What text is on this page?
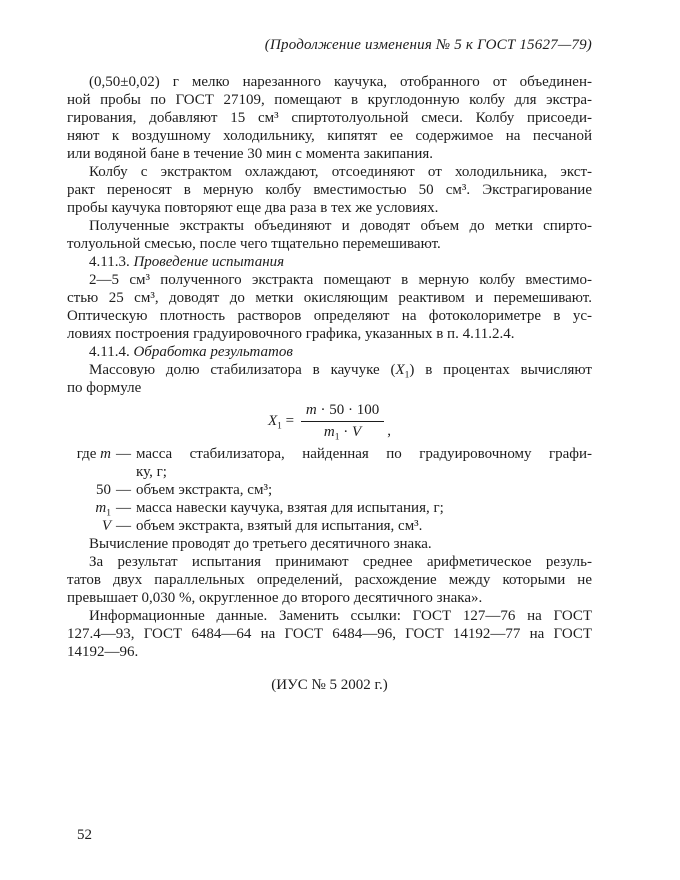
(Продолжение изменения № 5 к ГОСТ 15627—79)
(0,50±0,02) г мелко нарезанного каучука, отобранного от объединен-
ной пробы по ГОСТ 27109, помещают в круглодонную колбу для экстра-
гирования, добавляют 15 см³ спиртотолуольной смеси. Колбу присоеди-
няют к воздушному холодильнику, кипятят ее содержимое на песчаной
или водяной бане в течение 30 мин с момента закипания.
Колбу с экстрактом охлаждают, отсоединяют от холодильника, экст-
ракт переносят в мерную колбу вместимостью 50 см³. Экстрагирование
пробы каучука повторяют еще два раза в тех же условиях.
Полученные экстракты объединяют и доводят объем до метки спирто-
толуольной смесью, после чего тщательно перемешивают.
4.11.3. Проведение испытания
2—5 см³ полученного экстракта помещают в мерную колбу вместимо-
стью 25 см³, доводят до метки окисляющим реактивом и перемешивают.
Оптическую плотность растворов определяют на фотоколориметре в ус-
ловиях построения градуировочного графика, указанных в п. 4.11.2.4.
4.11.4. Обработка результатов
Массовую долю стабилизатора в каучуке $(X_1)$ в процентах вычисляют
по формуле
$X_1 = \frac{m \cdot 50 \cdot 100}{m_1 \cdot V}$ ,
где m — масса стабилизатора, найденная по градуировочному графи-
ку, г;
50 — объем экстракта, см³;
$m_1$ — масса навески каучука, взятая для испытания, г;
V — объем экстракта, взятый для испытания, см³.
Вычисление проводят до третьего десятичного знака.
За результат испытания принимают среднее арифметическое резуль-
татов двух параллельных определений, расхождение между которыми не
превышает 0,030 %, округленное до второго десятичного знака».
Информационные данные. Заменить ссылки: ГОСТ 127—76 на ГОСТ
127.4—93, ГОСТ 6484—64 на ГОСТ 6484—96, ГОСТ 14192—77 на ГОСТ
14192—96.
(ИУС № 5 2002 г.)
52
